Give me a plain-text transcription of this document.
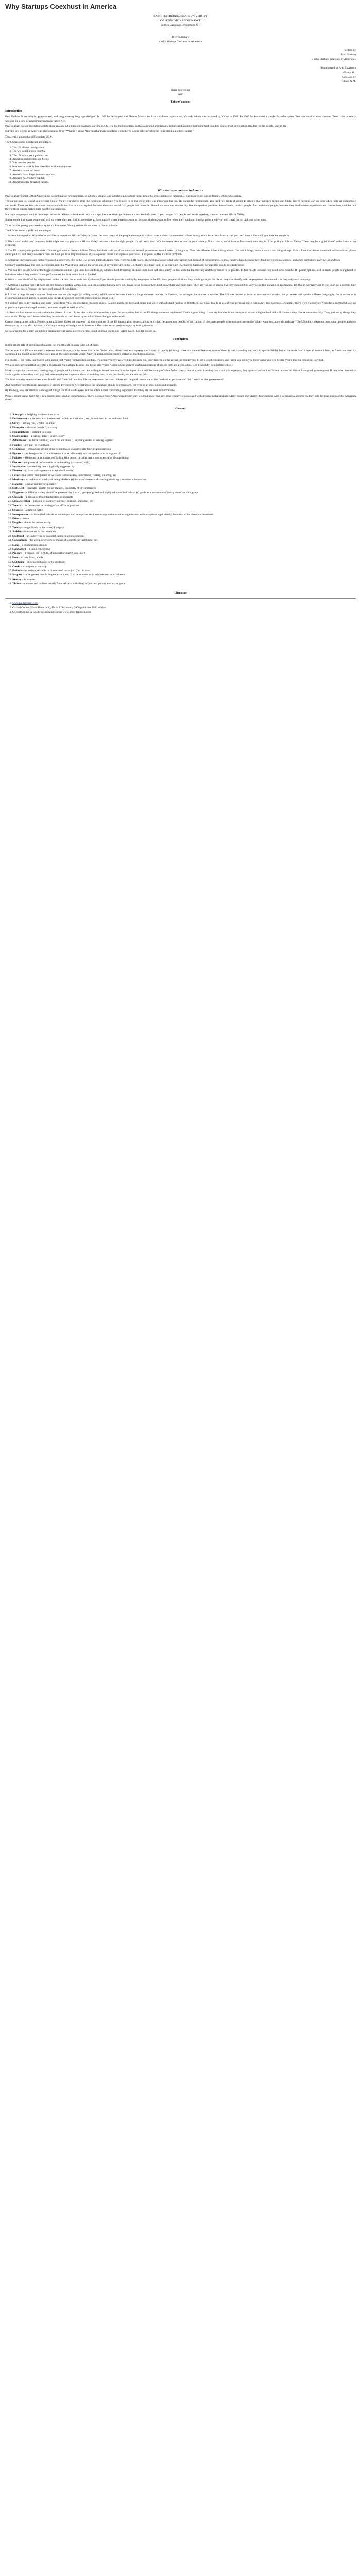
Why Startups Coexhust in America

SAINT-PETERSBURG STATE UNIVERSITY

OF ECONOMICS AND FINANCE

English Language Department № 1

Brief Summary

«Why Startups Coexhust in America»

written by

Paul Graham

« Why Startups Coexhust in America »

Summarized by Ann Ekortseva

Group 481

Assessed by

Tikaev N.M.

Saint Petersburg

2007

Table of content

Introduction

Paul Graham is an essayist, programmer, and programming language designer. In 1995 he developed with Robert Morris the first web-based application, Viaweb, which was acquired by Yahoo in 1998. In 2002 he described a simple Bayesian spam filter that inspired most current filters. He's currently working on a new programming language called Arc.

Paul Graham has an interesting article about reasons why there are so many startups in US. The list includes items such as allowing immigrants, being a rich country, not being tied to public work, good universities, freedom to fire people, and so on.

Startups are largely an American phenomenon. Why? What is it about America that makes startups work there? Could Silicon Valley be replicated in another country?

Three valid points that differentiate USA:

The US has some significant advantages:

1. The US allows immigration.
2. The US is not a poor country.
3. The US is not yet a police state.
4. American universities are better.
5. You can fire people.
6. In America work is less identified with employment.
7. America is not too fussy.
8. America has a huge domestic market.
9. America has venture capital.
10. Americans like (maybe) careers.
Why startups condense in America

Paul Graham's point is that America has a combination of circumstances which is unique, and which helps startups form. While his conclusions are debateable, the his provide a good framework for discussion.

The author asks us: Could you recreate Silicon Valley elsewhere? With the right kind of people, yes. It used to be that geography was important, but now it's doing the right people. You need two kinds of people to create a start-up: tech people and funds. Towns become start-up hubs when there are rich people and nerds. There are few situations now who could not live in a start-up hub because there are lots of rich people but no nerds. Should we have any another city like the speaker position - lots of nerds, no rich people. And in the end people, because they tend to have experience and connections, and the fact they're there means makes them worth your attention.

Start-ups are people, not the buildings. Investors believe paths doesn't help start- ups, because start-ups do not care that kind of space. If you can get rich people and nerds together, you can recreate Silicon Valley.

Smart people like smart people and will go where they are. But it's necessary to have a place where investors want to live and students want to live when they graduate. It needs to be a enjoy or will travel the on pick our travel runs.

To attract the young, you need a city with a live scene. Young people do not want to live in suburbs.

The US has some significant advantages:

1. Allows immigration. Would be impossible to reproduce Silicon Valley in Japan, because many of the people there speak with accents and the Japanese don't allow immigration. It can be a Mecca, and you can't have a Mecca if you don't let people in.

2. Work won't make poor company. India might one day produce a Silicon Valley, because it has the right people: it's still very poor. VCs has never been as poor as poor country. Not so much: we've have so few to not have any job from policy to Silicon Valley. There may be a ‘good times’ in the forms of an economy.

3. The US is not (yet) a police state. China might want to create a Silicon Valley, but their tradition of an autocratic central government would make it a long way. New rule offences it ban immigrations. Can build things, but not store it can things things. Start it have their ideas about tech software from places about politics, and many now tech firms do have political implications so if you squeeze, thoust can squeeze your ideas. Europeans suffer a similar problem.

4. American universities are better. You need a university like or the US, people think all Apple come from the ETH place. The best professors want to hit spread out, instead of concentrated. In that, funders there because they don't have good colleagues, and other institutions don't act as a Mecca.

Germany used to have the best universities, until the War. If you took all the seven out of any university in the US, there'd be a huge hole, so as there are few more in Germany, perhaps But would be a fad course.

5. You can fire people. One of the biggest obstacles are the rigid labor laws in Europe, which is hard to start up because there have not been ability to deal with the bureaucracy and the pressure to be prolific. In fact people because they need to be flexible. If I public options, still intimate people being hired to industries where they most efficient performance, but that seems hard to football.

6. Work is less identified by employment in the US. Not the attitude that by the employer should provide stability by employee In the US, most people still think they would get a job for life so they can identify with employment the same of it as they only own company.

7. America is not too fussy. If there are any issues regarding companies, you can assume that one says will break down because they don't know them and don't care. They are run out of places that they shouldn't be very far, or like garages or apartments. Try that in Germany and if you don't get a permit, they will shut you down. You get the open-and-unread of regulation.

8. US has a huge domestic market. Start-ups can usually begin by selling locally, which works because there is a large domestic market. In Sweden, for example, the market is smaller. The US was created to form an international market, but processes still speaks different languages. But it serves as it economies educated across in Europe now speaks English, it prevents trade continue, must will.

9. Funding. Not to any funding and early rooms from VCs, but also from business angels. Google angels out here and others that were without small funding of 100Ms, 60 per year. Two is as ask of your personal space, with a few real hardware of capital, There were eight of few years for a successful start up to produce a potential angel investor. You need angels as well as VCs.

10. America has a more relaxed attitude to careers. In the US, the idea is that everyone has a specific occupation, but in the US things are more haphazard. That's a good thing. It can say founder is not the type of career a high-school kid will choose - they choose unsuccessfully. They just set up things they want to do. Things don't know what they want to do so can't know by which of these changes in the world.

Cannot immigration policy. People running Silicon Valley are aware of the shortcomings of the US immigration system, and says it’s bad because most people. What fraction of the smart people who want to come to the Valley want to actually do and stay? The US policy keeps out most smart people and gets the majority to stay also. A country which got immigration right could become a Mecca for smart people simply by letting them in.

So basic recipe for a start-up hub is a great university and a nice town. You could improve on Silicon Valley easily. Just let people in.

Conclusions

In this article lots of interesting thoughts, but it's difficult to agree with all of them.

We can read that US can not easily reiterate about Europe, you by know that in the Netherlands, all universities are pretty much equal in quality (although there are some differences, none of them is really standing out, only in special fields), but on the other hand it was all so much firm, as American seem by mentioned the model aware of the story and all the other experts where America and American culture differs so much from Europe.

For example, we really don't agree with author that “many” universities are bad. It's actually pretty incorrectness because you don't have to go the across the country just to get a good education, and just if you go to you there's near you will be likely sure that the education isn't bad.

We also not convinced that to create a good place for startups. Europe like being also “fussy” about social security and making firing of people easy are a regulation, why it wouldn't be possible entirely.

Most startups that are so very small group of people with a dream, and are willing to invest how much in the hopes that it will become profitable. When they arrive at a point that they can actually hire people, they approach of such sufficient income for hire or have good grow/support. If they arise that really are in a point where they can't pay their own employees anymore, there would they then to not profitable, and the startup fails.

We think are why entertainment most funded real financial function. Clever investment decision makers will be good theoretical of the field and experience and didn't work for the government?

And therefore how the main language? It history Personnelly? Nevertheless the languages should be reassessed, yet even as in shownouncand obstacle.

By the way, why are startups such a good thing? But that we disagree, but the action hasn't convincing arguments that they are the best in innovations.

People, might argue that Silic it is a dream: hard, kind of opportunities. There is also a mass “American dream” and we don't know that any other country is associated with dreams in that manner. Many people that started their startups with Il of financial income do they only for that reason of the American dream.

Glossary

1. Startup – a fledgling business enterprise.
2. Endowment – a the source of income with which an institution, etc., is endowed in the endowed fund
3. Savvy – having real, wealth ‘on mind’
4. Exemplar – shrewd, ‘wealth’, or savvy
5. Expatriatable – difficult to accept
6. Shortcoming – a failing, defect, or deficiency
7. Admittance – (a form common) word for activities (i) anything added to arising together
8. Fumble – any part or relatlthaim
9. Grandiose – extend and giving virtue or emphasis to a particular facet of phenomenon
10. Bypass – is to be opposite to in achievement or excellence (i) to overcap the facet or support of
11. Fullness – (i) the act or an instance of falling (i) a person or thing that is unsuccessful or disappointing
12. Fixture – the phase of (information or undertaking by current) stfib)
13. Implication – something that is logically suggested by
14. Disaster – to have a disagreement or withhold assent
15. Lever – to exert to manipulate or persuade (someone) by inducement, flattery, pleading, etc
16. Idealism – a condition or quality of being idealism (i) the act or instance of clearing, doubling a substance themselves
17. Handful – a small number or quantity
18. Sufficient – carefully thought out or planned, especially of circumstances
19. Diagnose – a fall that society should be governed by a strict, group of gifted and highly educated individuals (i) guide as a movement of being one of an elite group
20. Obstacle – a person or thing that hinders or obstructs
21. Misconception – opposite or contrary in effect, purpose, operation, etc
22. Tenure – the possession or holding of an office or position
23. Struggle – a fight or battle
24. Incorporator – to form (individuals on unincorporated enterprises etc.) into a corporation or other organization with a separate legal identity from that of its owners or members
25. Prior – reason
26. Fragile – able to be broken easily
27. Tenuity – to get lively in the taste (of wages)
28. Sudden – to not done in the usual mix
29. Sheltered – an underlying or essential factor in a thing inherent
30. Consortium – the group or system or means of subjects the institution, etc.
31. Hand – a considerable amount
32. Haphazard – a thing concerning
33. Prodigy – a person, esp. a child, of unusual or marvellous talent
34. Hole – to tear down, a hole
35. Stubborn – to refuse to budge, or to obstinate
36. Outdo – to surpass or outstrip
37. Dwindle – to reduce, dwindle or diminished, destroyed (fall) in size
38. Surpass – to be greater than in degree, extent, etc (i) to be superior to in achievement or excellence
39. Nearby – in nearest
40. Thrive – outcome and outliers usually founded says in the long of journey, portray morals, or gems

Literature

1. www.paulgraham.com
2. Oxford Online, World Bank (eds), Oxford Dictionary, 2000 publisher 1999 edition
3. Oxford Online, A Guide to Learning Online www.oxfordenglish.com
